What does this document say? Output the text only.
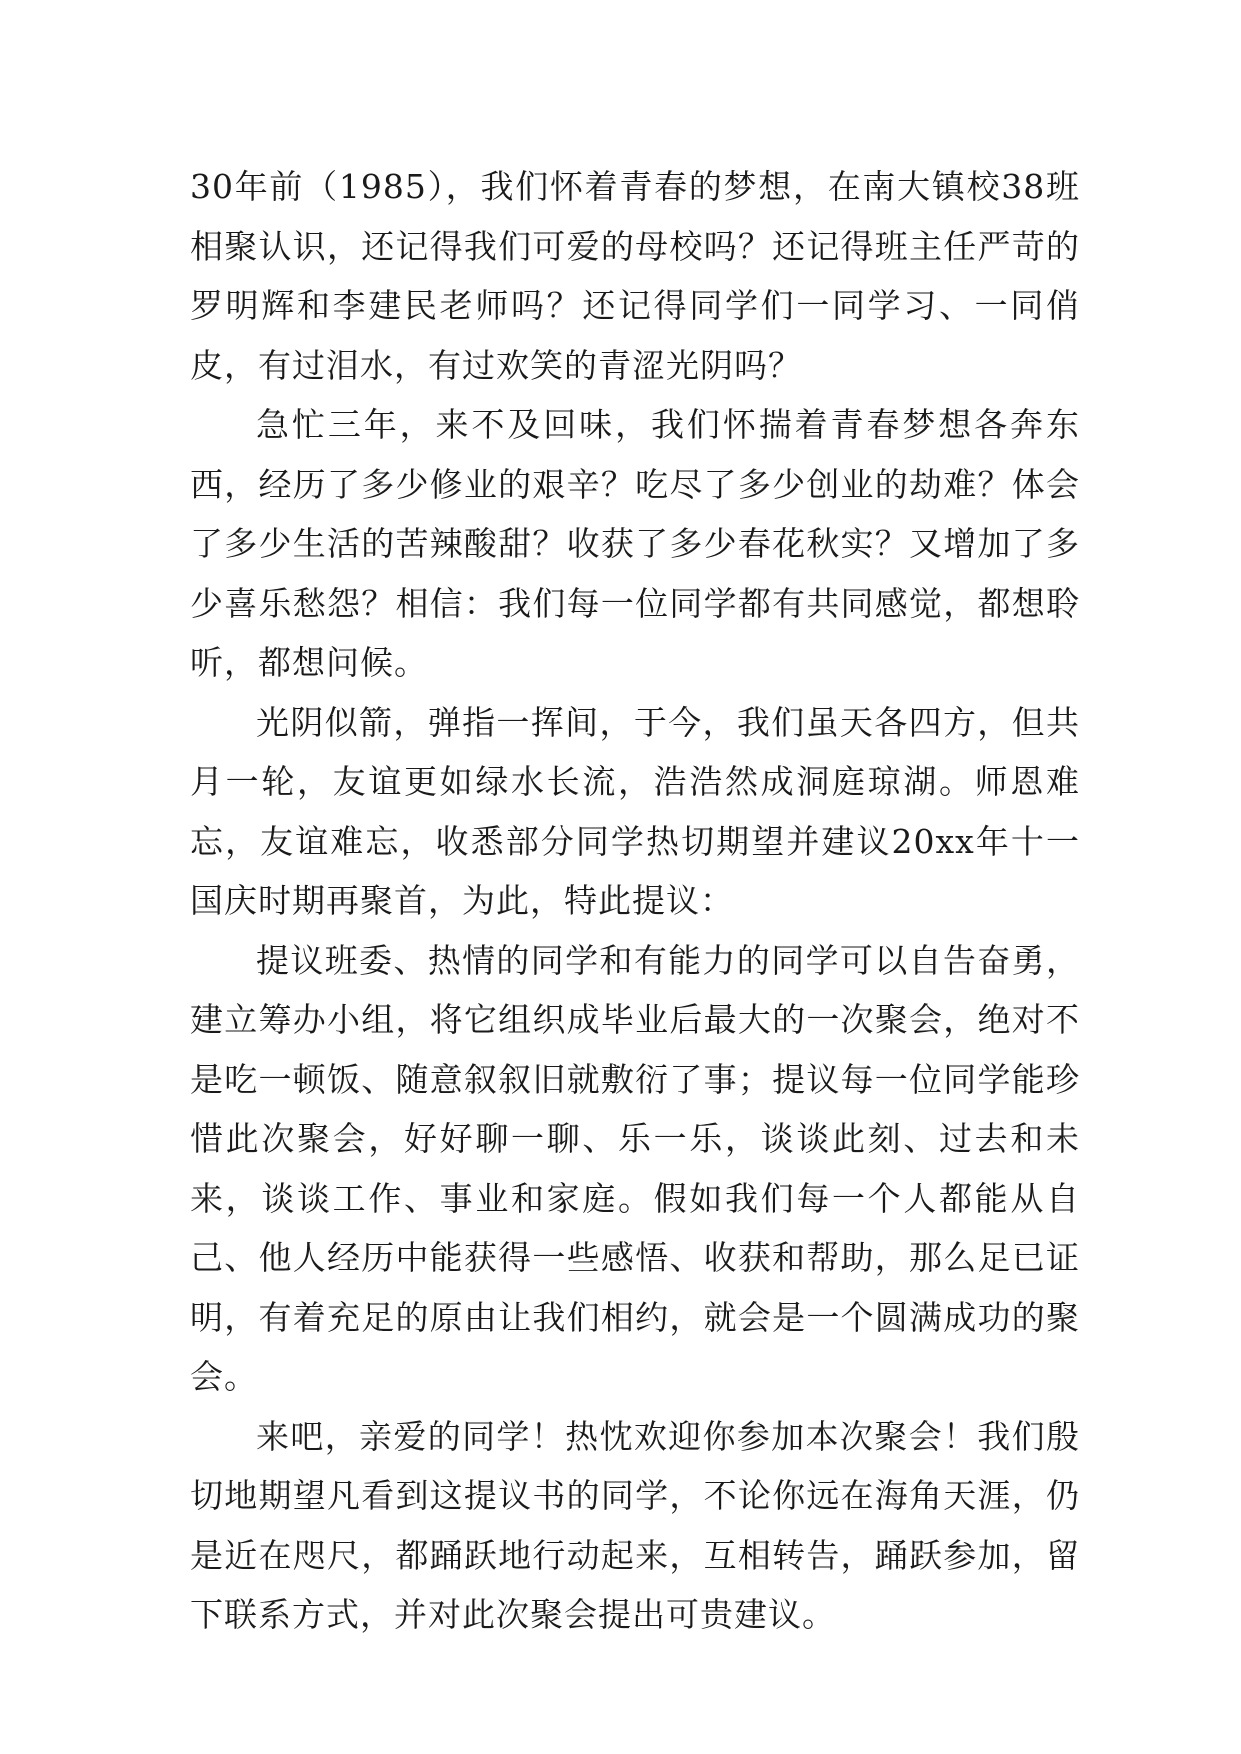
30年前（1985），我们怀着青春的梦想，在南大镇校38班相聚认识，还记得我们可爱的母校吗？还记得班主任严苛的罗明辉和李建民老师吗？还记得同学们一同学习、一同俏皮，有过泪水，有过欢笑的青涩光阴吗？

急忙三年，来不及回味，我们怀揣着青春梦想各奔东西，经历了多少修业的艰辛？吃尽了多少创业的劫难？体会了多少生活的苦辣酸甜？收获了多少春花秋实？又增加了多少喜乐愁怨？相信：我们每一位同学都有共同感觉，都想聆听，都想问候。

光阴似箭，弹指一挥间，于今，我们虽天各四方，但共月一轮，友谊更如绿水长流，浩浩然成洞庭琼湖。师恩难忘，友谊难忘，收悉部分同学热切期望并建议20xx年十一国庆时期再聚首，为此，特此提议：

提议班委、热情的同学和有能力的同学可以自告奋勇，建立筹办小组，将它组织成毕业后最大的一次聚会，绝对不是吃一顿饭、随意叙叙旧就敷衍了事；提议每一位同学能珍惜此次聚会，好好聊一聊、乐一乐，谈谈此刻、过去和未来，谈谈工作、事业和家庭。假如我们每一个人都能从自己、他人经历中能获得一些感悟、收获和帮助，那么足已证明，有着充足的原由让我们相约，就会是一个圆满成功的聚会。

来吧，亲爱的同学！热忱欢迎你参加本次聚会！我们殷切地期望凡看到这提议书的同学，不论你远在海角天涯，仍是近在咫尺，都踊跃地行动起来，互相转告，踊跃参加，留下联系方式，并对此次聚会提出可贵建议。
